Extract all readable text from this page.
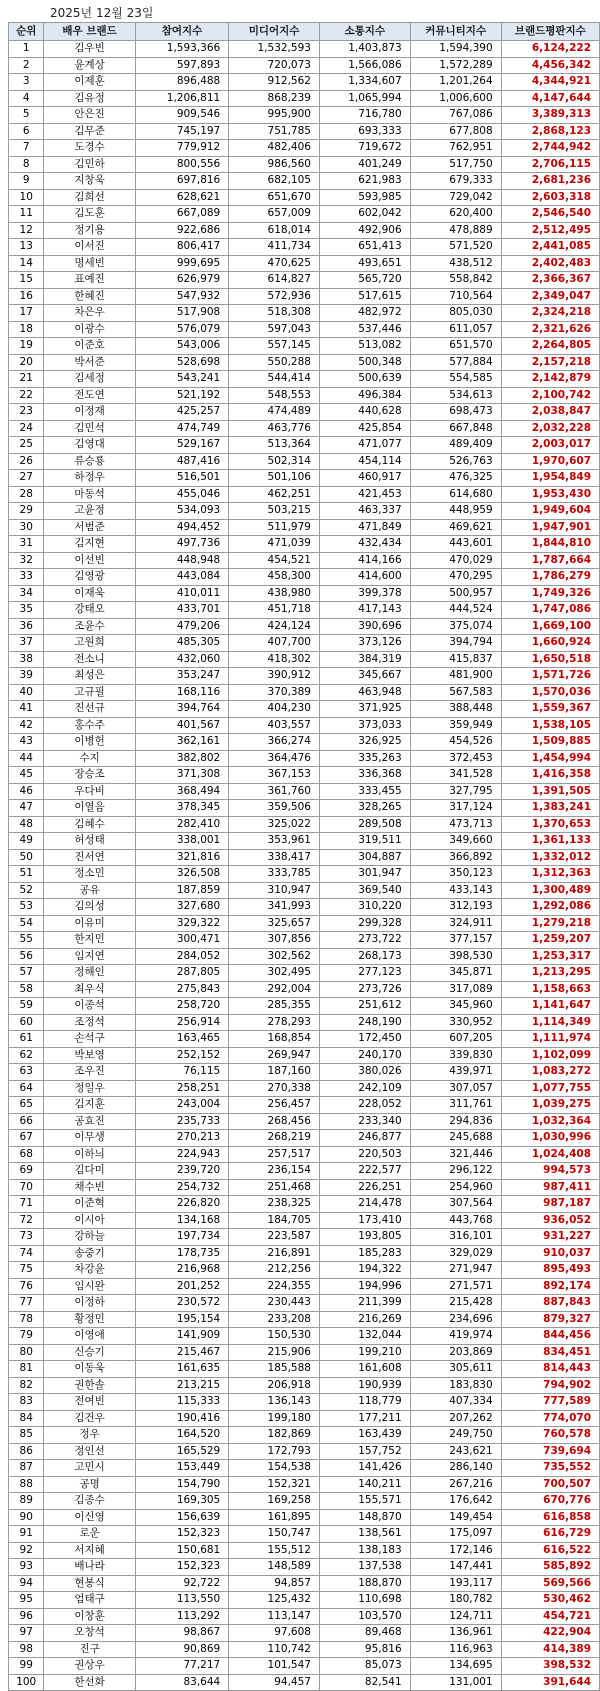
2025년 12월 23일
순위	배우 브랜드	참여지수	미디어지수	소통지수	커뮤니티지수	브랜드평판지수
1	김우빈	1,593,366	1,532,593	1,403,873	1,594,390	6,124,222
2	윤계상	597,893	720,073	1,566,086	1,572,289	4,456,342
3	이제훈	896,488	912,562	1,334,607	1,201,264	4,344,921
4	김유정	1,206,811	868,239	1,065,994	1,006,600	4,147,644
5	안은진	909,546	995,900	716,780	767,086	3,389,313
6	김무준	745,197	751,785	693,333	677,808	2,868,123
7	도경수	779,912	482,406	719,672	762,951	2,744,942
8	김민하	800,556	986,560	401,249	517,750	2,706,115
9	지창욱	697,816	682,105	621,983	679,333	2,681,236
10	김희선	628,621	651,670	593,985	729,042	2,603,318
11	김도훈	667,089	657,009	602,042	620,400	2,546,540
12	정기용	922,686	618,014	492,906	478,889	2,512,495
13	이서진	806,417	411,734	651,413	571,520	2,441,085
14	명세빈	999,695	470,625	493,651	438,512	2,402,483
15	표예진	626,979	614,827	565,720	558,842	2,366,367
16	한혜진	547,932	572,936	517,615	710,564	2,349,047
17	차은우	517,908	518,308	482,972	805,030	2,324,218
18	이광수	576,079	597,043	537,446	611,057	2,321,626
19	이준호	543,006	557,145	513,082	651,570	2,264,805
20	박서준	528,698	550,288	500,348	577,884	2,157,218
21	김세정	543,241	544,414	500,639	554,585	2,142,879
22	전도연	521,192	548,553	496,384	534,613	2,100,742
23	이정재	425,257	474,489	440,628	698,473	2,038,847
24	김민석	474,749	463,776	425,854	667,848	2,032,228
25	김영대	529,167	513,364	471,077	489,409	2,003,017
26	류승룡	487,416	502,314	454,114	526,763	1,970,607
27	하정우	516,501	501,106	460,917	476,325	1,954,849
28	마동석	455,046	462,251	421,453	614,680	1,953,430
29	고윤정	534,093	503,215	463,337	448,959	1,949,604
30	서범준	494,452	511,979	471,849	469,621	1,947,901
31	김지현	497,736	471,039	432,434	443,601	1,844,810
32	이선빈	448,948	454,521	414,166	470,029	1,787,664
33	김영광	443,084	458,300	414,600	470,295	1,786,279
34	이재욱	410,011	438,980	399,378	500,957	1,749,326
35	강태오	433,701	451,718	417,143	444,524	1,747,086
36	조윤수	479,206	424,124	390,696	375,074	1,669,100
37	고원희	485,305	407,700	373,126	394,794	1,660,924
38	전소니	432,060	418,302	384,319	415,837	1,650,518
39	최성은	353,247	390,912	345,667	481,900	1,571,726
40	고규필	168,116	370,389	463,948	567,583	1,570,036
41	진선규	394,764	404,230	371,925	388,448	1,559,367
42	홍수주	401,567	403,557	373,033	359,949	1,538,105
43	이병헌	362,161	366,274	326,925	454,526	1,509,885
44	수지	382,802	364,476	335,263	372,453	1,454,994
45	장승조	371,308	367,153	336,368	341,528	1,416,358
46	우다비	368,494	361,760	333,455	327,795	1,391,505
47	이열음	378,345	359,506	328,265	317,124	1,383,241
48	김혜수	282,410	325,022	289,508	473,713	1,370,653
49	허성태	338,001	353,961	319,511	349,660	1,361,133
50	진서연	321,816	338,417	304,887	366,892	1,332,012
51	정소민	326,508	333,785	301,947	350,123	1,312,363
52	공유	187,859	310,947	369,540	433,143	1,300,489
53	김의성	327,680	341,993	310,220	312,193	1,292,086
54	이유미	329,322	325,657	299,328	324,911	1,279,218
55	한지민	300,471	307,856	273,722	377,157	1,259,207
56	임지연	284,052	302,562	268,173	398,530	1,253,317
57	정해인	287,805	302,495	277,123	345,871	1,213,295
58	최우식	275,843	292,004	273,726	317,089	1,158,663
59	이종석	258,720	285,355	251,612	345,960	1,141,647
60	조정석	256,914	278,293	248,190	330,952	1,114,349
61	손석구	163,465	168,854	172,450	607,205	1,111,974
62	박보영	252,152	269,947	240,170	339,830	1,102,099
63	조우진	76,115	187,160	380,026	439,971	1,083,272
64	정일우	258,251	270,338	242,109	307,057	1,077,755
65	김지훈	243,004	256,457	228,052	311,761	1,039,275
66	공효진	235,733	268,456	233,340	294,836	1,032,364
67	이무생	270,213	268,219	246,877	245,688	1,030,996
68	이하늬	224,943	257,517	220,503	321,446	1,024,408
69	김다미	239,720	236,154	222,577	296,122	994,573
70	채수빈	254,732	251,468	226,251	254,960	987,411
71	이준혁	226,820	238,325	214,478	307,564	987,187
72	이시아	134,168	184,705	173,410	443,768	936,052
73	강하늘	197,734	223,587	193,805	316,101	931,227
74	송중기	178,735	216,891	185,283	329,029	910,037
75	차강윤	216,968	212,256	194,322	271,947	895,493
76	임시완	201,252	224,355	194,996	271,571	892,174
77	이정하	230,572	230,443	211,399	215,428	887,843
78	황정민	195,154	233,208	216,269	234,696	879,327
79	이영애	141,909	150,530	132,044	419,974	844,456
80	신승기	215,467	215,906	199,210	203,869	834,451
81	이동욱	161,635	185,588	161,608	305,611	814,443
82	권한솔	213,215	206,918	190,939	183,830	794,902
83	전여빈	115,333	136,143	118,779	407,334	777,589
84	김건우	190,416	199,180	177,211	207,262	774,070
85	정우	164,520	182,869	163,439	249,750	760,578
86	정인선	165,529	172,793	157,752	243,621	739,694
87	고민시	153,449	154,538	141,426	286,140	735,552
88	공명	154,790	152,321	140,211	267,216	700,507
89	김종수	169,305	169,258	155,571	176,642	670,776
90	이신영	156,639	161,895	148,870	149,454	616,858
91	로운	152,323	150,747	138,561	175,097	616,729
92	서지혜	150,681	155,512	138,183	172,146	616,522
93	배나라	152,323	148,589	137,538	147,441	585,892
94	현봉식	92,722	94,857	188,870	193,117	569,566
95	엄태구	113,550	125,432	110,698	180,782	530,462
96	이창훈	113,292	113,147	103,570	124,711	454,721
97	오창석	98,867	97,608	89,468	136,961	422,904
98	진구	90,869	110,742	95,816	116,963	414,389
99	권상우	77,217	101,547	85,073	134,695	398,532
100	한선화	83,644	94,457	82,541	131,001	391,644
